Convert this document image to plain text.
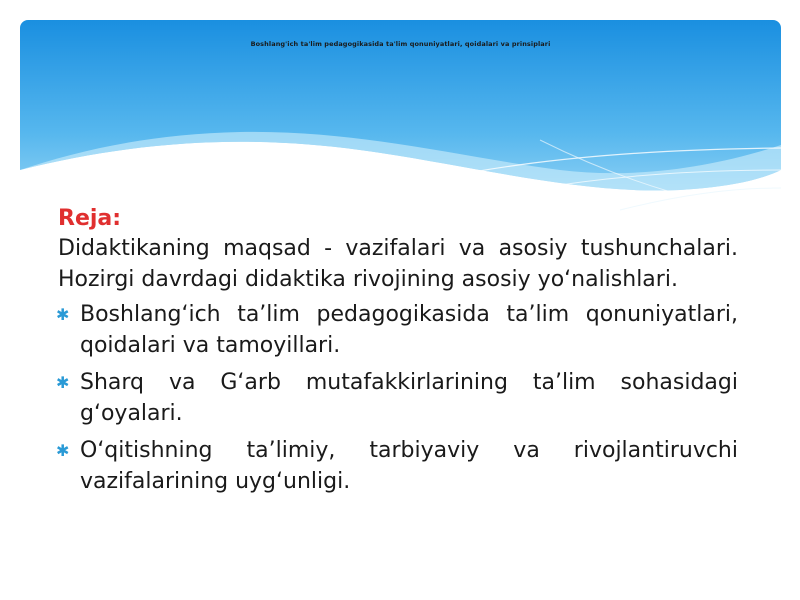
Boshlang'ich ta'lim pedagogikasida ta'lim qonuniyatlari, qoidalari va prinsiplari
Reja:
Didaktikaning maqsad - vazifalari va asosiy tushunchalari. Hozirgi davrdagi didaktika rivojining asosiy yo‘nalishlari.
✱ Boshlang‘ich ta’lim pedagogikasida ta’lim qonuniyatlari, qoidalari va tamoyillari.
✱ Sharq va G‘arb mutafakkirlarining ta’lim sohasidagi g‘oyalari.
✱ O‘qitishning ta’limiy, tarbiyaviy va rivojlantiruvchi vazifalarining uyg‘unligi.
